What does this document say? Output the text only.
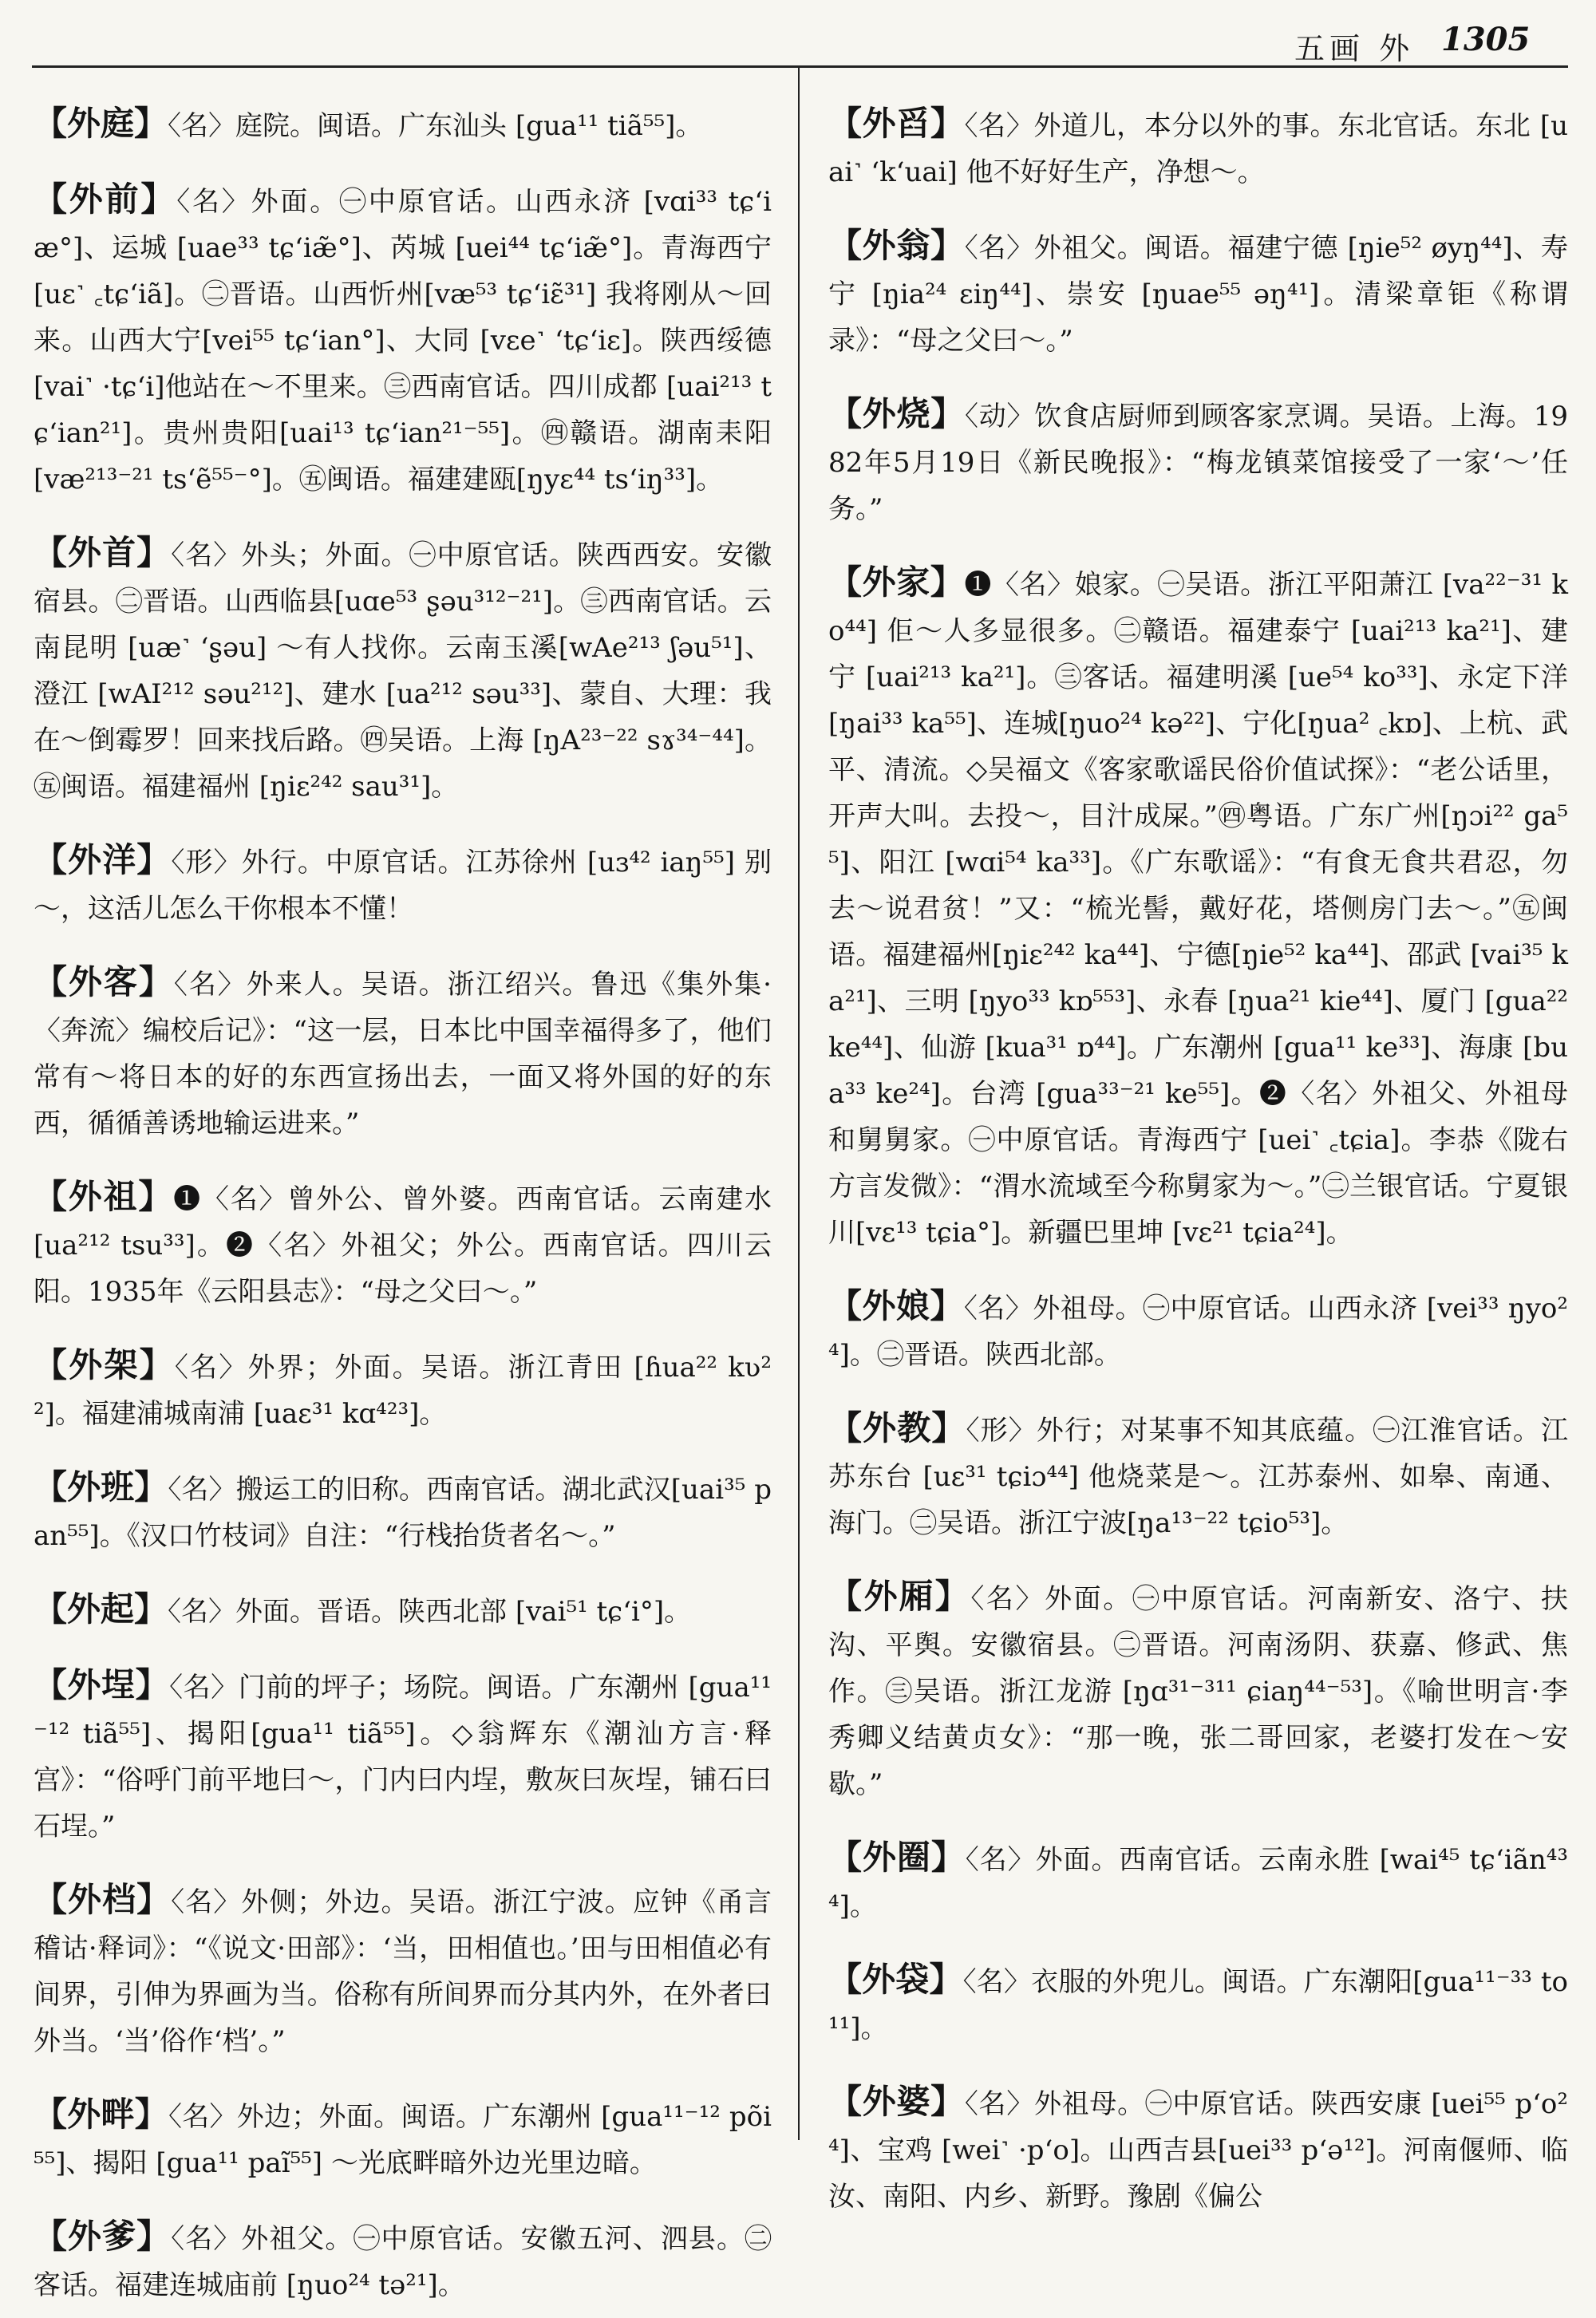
五画 外 1305

【外庭】〈名〉庭院。闽语。广东汕头 [gua¹¹ tiã⁵⁵]。

【外前】〈名〉外面。㊀中原官话。山西永济 [vɑi³³ tɕʻiæ°]、运城 [uae³³ tɕʻiæ̃°]、芮城 [uei⁴⁴ tɕʻiæ̃°]。青海西宁[uɛ˺ ꜀tɕʻiã]。㊁晋语。山西忻州[væ⁵³ tɕʻiɛ̃³¹] 我将刚从～回来。山西大宁[vei⁵⁵ tɕʻian°]、大同 [vɛe˺ ʻtɕʻiɛ]。陕西绥德 [vai˺ ·tɕʻi]他站在～不里来。㊂西南官话。四川成都 [uai²¹³ tɕʻian²¹]。贵州贵阳[uai¹³ tɕʻian²¹⁻⁵⁵]。㊃赣语。湖南耒阳 [væ²¹³⁻²¹ tsʻẽ⁵⁵⁻°]。㊄闽语。福建建瓯[ŋyɛ⁴⁴ tsʻiŋ³³]。

【外首】〈名〉外头；外面。㊀中原官话。陕西西安。安徽宿县。㊁晋语。山西临县[uɑe⁵³ ʂəu³¹²⁻²¹]。㊂西南官话。云南昆明 [uæ˺ ʻʂəu] ～有人找你。云南玉溪[wAe²¹³ ʃəu⁵¹]、澄江 [wAI²¹² səu²¹²]、建水 [ua²¹² səu³³]、蒙自、大理：我在～倒霉罗！回来找后路。㊃吴语。上海 [ŋA²³⁻²² sɤ³⁴⁻⁴⁴]。㊄闽语。福建福州 [ŋiɛ²⁴² sau³¹]。

【外洋】〈形〉外行。中原官话。江苏徐州 [uɜ⁴² iaŋ⁵⁵] 别～，这活儿怎么干你根本不懂！

【外客】〈名〉外来人。吴语。浙江绍兴。鲁迅《集外集·〈奔流〉编校后记》：“这一层，日本比中国幸福得多了，他们常有～将日本的好的东西宣扬出去，一面又将外国的好的东西，循循善诱地输运进来。”

【外祖】❶〈名〉曾外公、曾外婆。西南官话。云南建水 [ua²¹² tsu³³]。❷〈名〉外祖父；外公。西南官话。四川云阳。1935年《云阳县志》：“母之父曰～。”

【外架】〈名〉外界；外面。吴语。浙江青田 [ɦua²² kʋ²²]。福建浦城南浦 [uaɛ³¹ kɑ⁴²³]。

【外班】〈名〉搬运工的旧称。西南官话。湖北武汉[uai³⁵ pan⁵⁵]。《汉口竹枝词》自注：“行栈抬货者名～。”

【外起】〈名〉外面。晋语。陕西北部 [vai⁵¹ tɕʻi°]。

【外埕】〈名〉门前的坪子；场院。闽语。广东潮州 [gua¹¹⁻¹² tiã⁵⁵]、揭阳[gua¹¹ tiã⁵⁵]。◇翁辉东《潮汕方言·释宫》：“俗呼门前平地曰～，门内曰内埕，敷灰曰灰埕，铺石曰石埕。”

【外档】〈名〉外侧；外边。吴语。浙江宁波。应钟《甬言稽诂·释词》：“《说文·田部》：‘当，田相值也。’田与田相值必有间界，引伸为界画为当。俗称有所间界而分其内外，在外者曰外当。‘当’俗作‘档’。”

【外畔】〈名〉外边；外面。闽语。广东潮州 [gua¹¹⁻¹² põi⁵⁵]、揭阳 [gua¹¹ paĩ⁵⁵] ～光底畔暗外边光里边暗。

【外爹】〈名〉外祖父。㊀中原官话。安徽五河、泗县。㊁客话。福建连城庙前 [ŋuo²⁴ tə²¹]。

【外舀】〈名〉外道儿，本分以外的事。东北官话。东北 [uai˺ ʻkʻuai] 他不好好生产，净想～。

【外翁】〈名〉外祖父。闽语。福建宁德 [ŋie⁵² øyŋ⁴⁴]、寿宁 [ŋia²⁴ ɛiŋ⁴⁴]、崇安 [ŋuae⁵⁵ əŋ⁴¹]。清梁章钜《称谓录》：“母之父曰～。”

【外烧】〈动〉饮食店厨师到顾客家烹调。吴语。上海。1982年5月19日《新民晚报》：“梅龙镇菜馆接受了一家‘～’任务。”

【外家】❶〈名〉娘家。㊀吴语。浙江平阳萧江 [va²²⁻³¹ ko⁴⁴] 佢～人多显很多。㊁赣语。福建泰宁 [uai²¹³ ka²¹]、建宁 [uai²¹³ ka²¹]。㊂客话。福建明溪 [ue⁵⁴ ko³³]、永定下洋 [ŋai³³ ka⁵⁵]、连城[ŋuo²⁴ kə²²]、宁化[ŋua² ꜀kɒ]、上杭、武平、清流。◇吴福文《客家歌谣民俗价值试探》：“老公话里，开声大叫。去投～，目汁成屎。”㊃粤语。广东广州[ŋɔi²² ga⁵⁵]、阳江 [wɑi⁵⁴ ka³³]。《广东歌谣》：“有食无食共君忍，勿去～说君贫！”又：“梳光髻，戴好花，塔侧房门去～。”㊄闽语。福建福州[ŋiɛ²⁴² ka⁴⁴]、宁德[ŋie⁵² ka⁴⁴]、邵武 [vai³⁵ ka²¹]、三明 [ŋyo³³ kɒ⁵⁵³]、永春 [ŋua²¹ kie⁴⁴]、厦门 [gua²² ke⁴⁴]、仙游 [kua³¹ ɒ⁴⁴]。广东潮州 [gua¹¹ ke³³]、海康 [bua³³ ke²⁴]。台湾 [gua³³⁻²¹ ke⁵⁵]。❷〈名〉外祖父、外祖母和舅舅家。㊀中原官话。青海西宁 [uei˺ ꜀tɕia]。李恭《陇右方言发微》：“渭水流域至今称舅家为～。”㊁兰银官话。宁夏银川[vɛ¹³ tɕia°]。新疆巴里坤 [vɛ²¹ tɕia²⁴]。

【外娘】〈名〉外祖母。㊀中原官话。山西永济 [vei³³ ŋyo²⁴]。㊁晋语。陕西北部。

【外教】〈形〉外行；对某事不知其底蕴。㊀江淮官话。江苏东台 [uɛ³¹ tɕiɔ⁴⁴] 他烧菜是～。江苏泰州、如皋、南通、海门。㊁吴语。浙江宁波[ŋa¹³⁻²² tɕio⁵³]。

【外厢】〈名〉外面。㊀中原官话。河南新安、洛宁、扶沟、平舆。安徽宿县。㊁晋语。河南汤阴、获嘉、修武、焦作。㊂吴语。浙江龙游 [ŋɑ³¹⁻³¹¹ ɕiaŋ⁴⁴⁻⁵³]。《喻世明言·李秀卿义结黄贞女》：“那一晚，张二哥回家，老婆打发在～安歇。”

【外圈】〈名〉外面。西南官话。云南永胜 [wai⁴⁵ tɕʻiãn⁴³⁴]。

【外袋】〈名〉衣服的外兜儿。闽语。广东潮阳[gua¹¹⁻³³ to¹¹]。

【外婆】〈名〉外祖母。㊀中原官话。陕西安康 [uei⁵⁵ pʻo²⁴]、宝鸡 [wei˺ ·pʻo]。山西吉县[uei³³ pʻə¹²]。河南偃师、临汝、南阳、内乡、新野。豫剧《偏公
